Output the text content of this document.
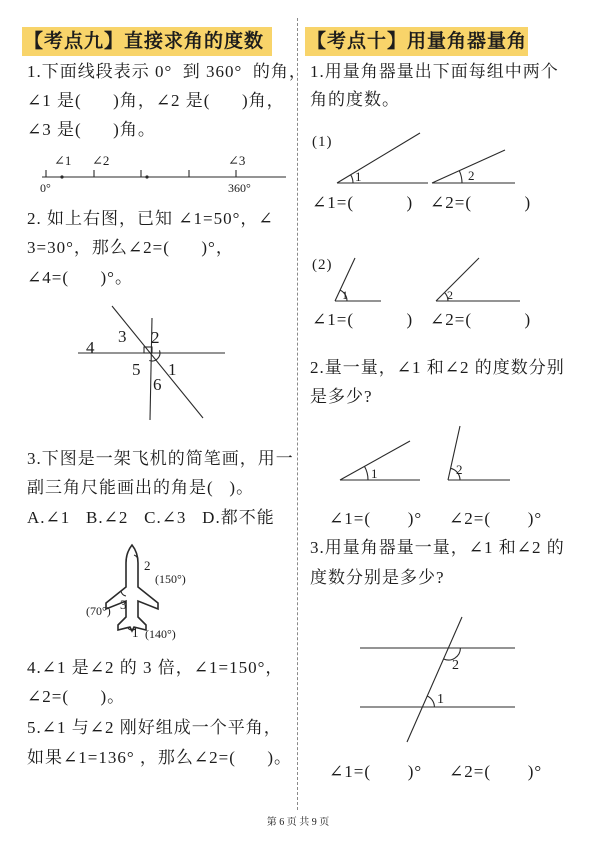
【考点九】直接求角的度数
1.下面线段表示 0°  到 360°  的角，
∠1 是(      )角，∠2 是(      )角，
∠3 是(      )角。
2. 如上右图，已知 ∠1=50°，∠
3=30°，那么∠2=(      )°，
∠4=(      )°。
3.下图是一架飞机的简笔画，用一
副三角尺能画出的角是(   )。
A.∠1   B.∠2   C.∠3   D.都不能
4.∠1 是∠2 的 3 倍，∠1=150°，
∠2=(      )。
5.∠1 与∠2 刚好组成一个平角，
如果∠1=136° ，那么∠2=(      )。
【考点十】用量角器量角
1.用量角器量出下面每组中两个
角的度数。
(1)
∠1=(          ) ∠2=(          )
(2)
∠1=(          ) ∠2=(          )
2.量一量，∠1 和∠2 的度数分别
是多少?
∠1=(       )° ∠2=(       )°
3.用量角器量一量，∠1 和∠2 的
度数分别是多少?
∠1=(       )° ∠2=(       )°
∠1 ∠2	∠3
0°	360°
4
3 2
5 1
6
2
(150°)
(70°) 3
1 (140°)
1	2
1	2
1	2
2
1
第 6 页 共 9 页
